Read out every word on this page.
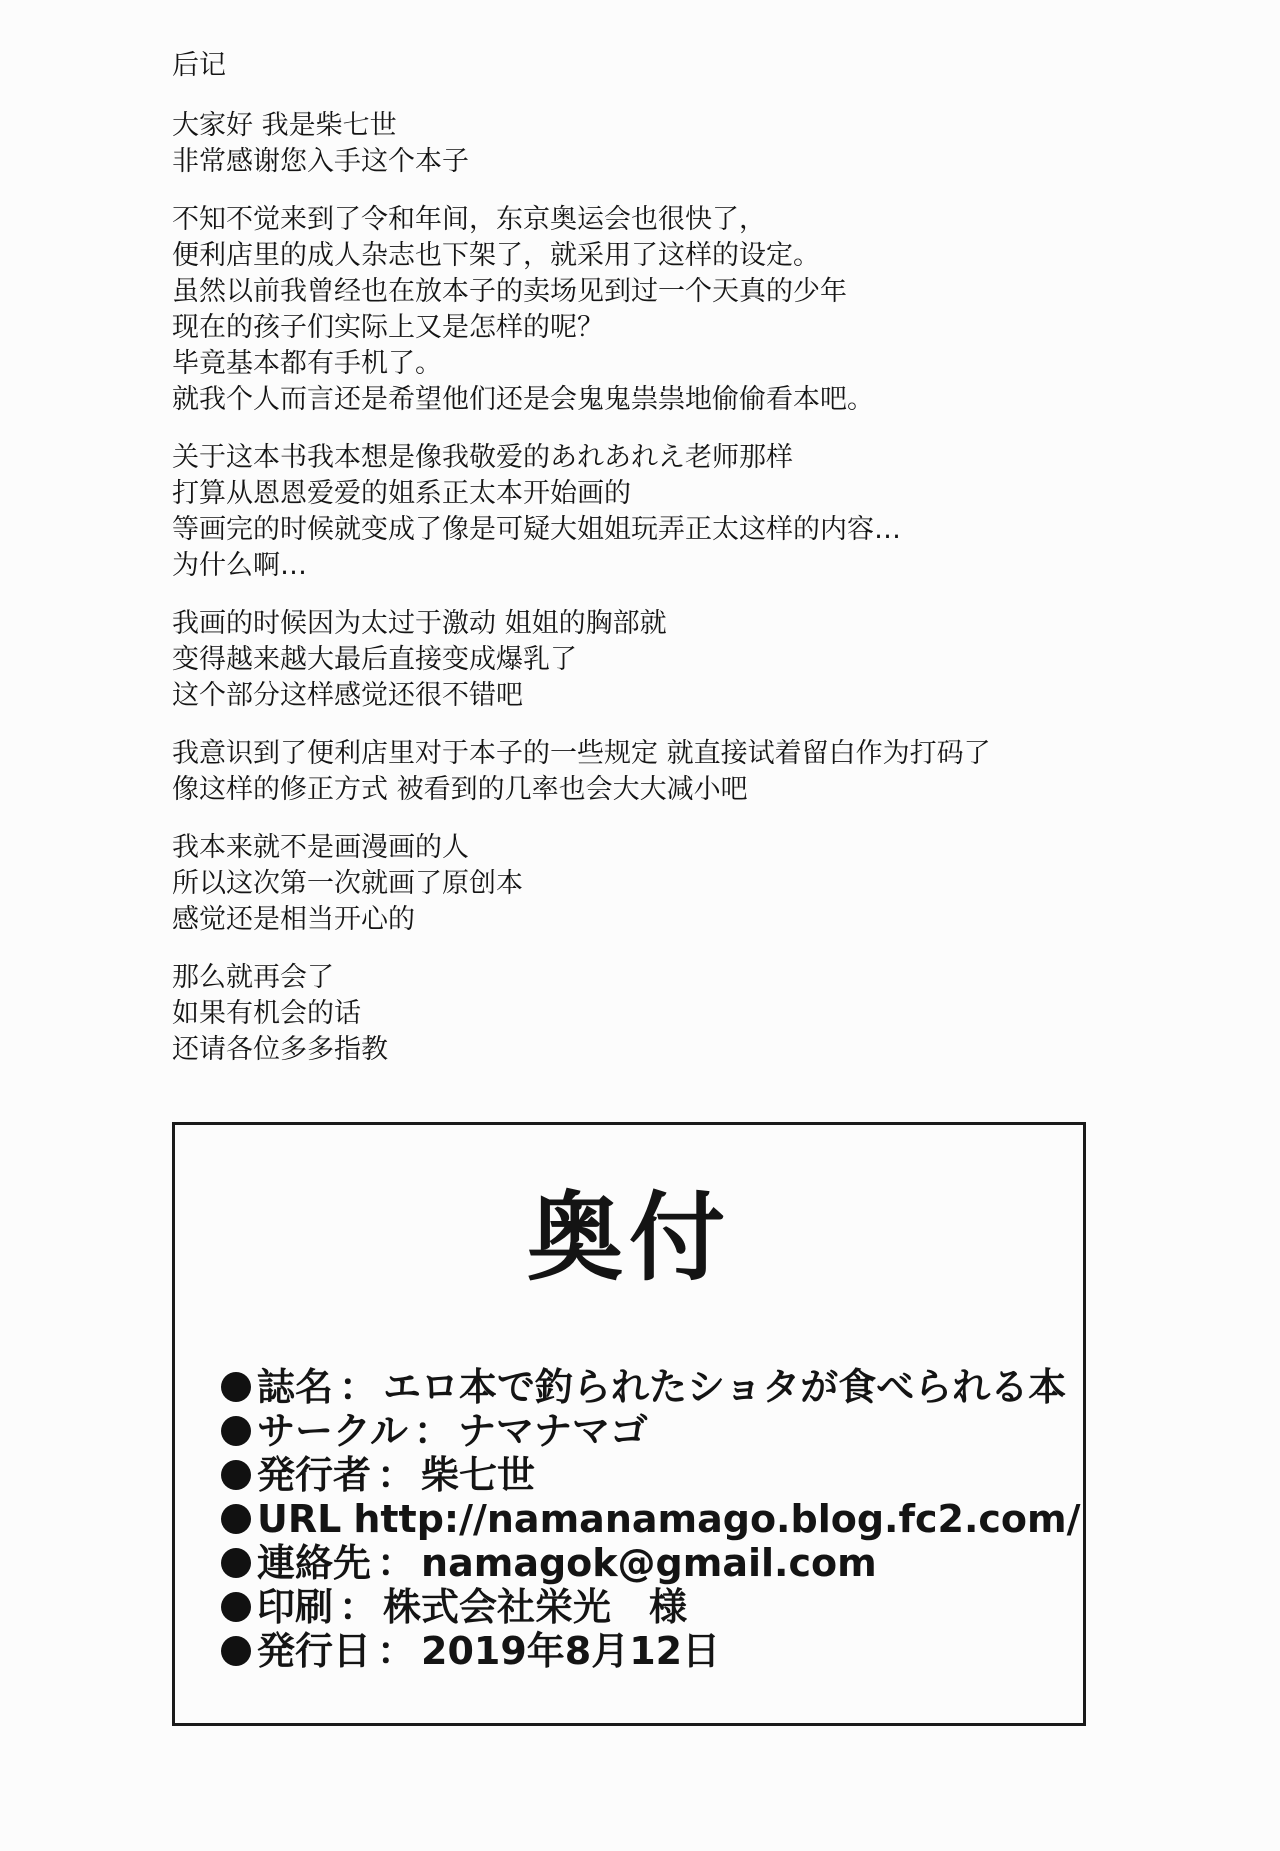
后记
大家好 我是柴七世
非常感谢您入手这个本子
不知不觉来到了令和年间，东京奥运会也很快了，
便利店里的成人杂志也下架了，就采用了这样的设定。
虽然以前我曾经也在放本子的卖场见到过一个天真的少年
现在的孩子们实际上又是怎样的呢？
毕竟基本都有手机了。
就我个人而言还是希望他们还是会鬼鬼祟祟地偷偷看本吧。
关于这本书我本想是像我敬爱的あれあれえ老师那样
打算从恩恩爱爱的姐系正太本开始画的
等画完的时候就变成了像是可疑大姐姐玩弄正太这样的内容…
为什么啊…
我画的时候因为太过于激动 姐姐的胸部就
变得越来越大最后直接变成爆乳了
这个部分这样感觉还很不错吧
我意识到了便利店里对于本子的一些规定 就直接试着留白作为打码了
像这样的修正方式 被看到的几率也会大大减小吧
我本来就不是画漫画的人
所以这次第一次就画了原创本
感觉还是相当开心的
那么就再会了
如果有机会的话
还请各位多多指教
奥付
誌名 ： エロ本で釣られたショタが食べられる本
サークル ： ナマナマゴ
発行者 ： 柴七世
URL http://namanamago.blog.fc2.com/
連絡先 ： namagok@gmail.com
印刷 ： 株式会社栄光　様
発行日 ： 2019年8月12日
